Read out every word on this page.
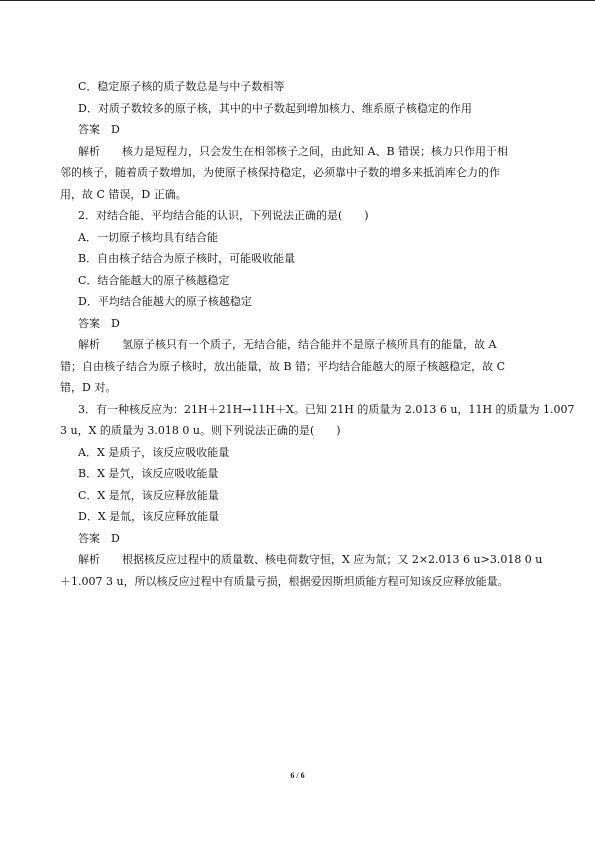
C．稳定原子核的质子数总是与中子数相等
D．对质子数较多的原子核，其中的中子数起到增加核力、维系原子核稳定的作用
答案　D
解析　　核力是短程力，只会发生在相邻核子之间，由此知 A、B 错误；核力只作用于相
邻的核子，随着质子数增加，为使原子核保持稳定，必须靠中子数的增多来抵消库仑力的作
用，故 C 错误，D 正确。
2．对结合能、平均结合能的认识，下列说法正确的是(　　)
A．一切原子核均具有结合能
B．自由核子结合为原子核时，可能吸收能量
C．结合能越大的原子核越稳定
D．平均结合能越大的原子核越稳定
答案　D
解析　　氢原子核只有一个质子，无结合能，结合能并不是原子核所具有的能量，故 A
错；自由核子结合为原子核时，放出能量，故 B 错；平均结合能越大的原子核越稳定，故 C
错，D 对。
3．有一种核反应为：21H＋21H→11H＋X。已知 21H 的质量为 2.013 6 u，11H 的质量为 1.007
3 u，X 的质量为 3.018 0 u。则下列说法正确的是(　　)
A．X 是质子，该反应吸收能量
B．X 是氕，该反应吸收能量
C．X 是氘，该反应释放能量
D．X 是氚，该反应释放能量
答案　D
解析　　根据核反应过程中的质量数、核电荷数守恒，X 应为氚；又 2×2.013 6 u>3.018 0 u
＋1.007 3 u，所以核反应过程中有质量亏损，根据爱因斯坦质能方程可知该反应释放能量。
6 / 6
